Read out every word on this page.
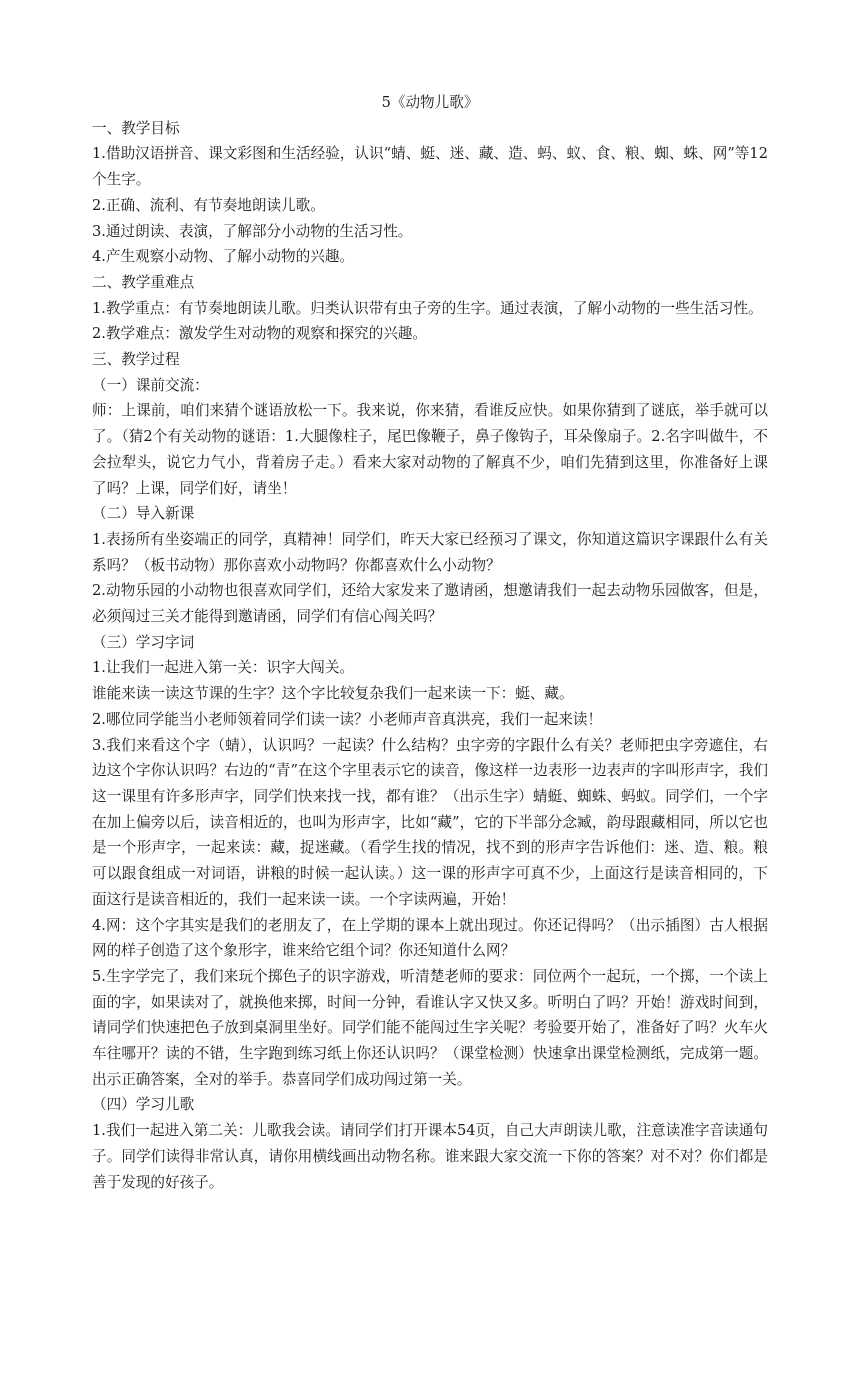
5《动物儿歌》

一、教学目标

1.借助汉语拼音、课文彩图和生活经验，认识“蜻、蜓、迷、藏、造、蚂、蚁、食、粮、蜘、蛛、网”等12个生字。

2.正确、流利、有节奏地朗读儿歌。

3.通过朗读、表演，了解部分小动物的生活习性。

4.产生观察小动物、了解小动物的兴趣。

二、教学重难点

1.教学重点：有节奏地朗读儿歌。归类认识带有虫子旁的生字。通过表演，了解小动物的一些生活习性。

2.教学难点：激发学生对动物的观察和探究的兴趣。

三、教学过程

（一）课前交流：

师：上课前，咱们来猜个谜语放松一下。我来说，你来猜，看谁反应快。如果你猜到了谜底，举手就可以了。（猜2个有关动物的谜语：1.大腿像柱子，尾巴像鞭子，鼻子像钩子，耳朵像扇子。2.名字叫做牛，不会拉犁头，说它力气小，背着房子走。）看来大家对动物的了解真不少，咱们先猜到这里，你准备好上课了吗？上课，同学们好，请坐！

（二）导入新课

1.表扬所有坐姿端正的同学，真精神！同学们，昨天大家已经预习了课文，你知道这篇识字课跟什么有关系吗？（板书动物）那你喜欢小动物吗？你都喜欢什么小动物？

2.动物乐园的小动物也很喜欢同学们，还给大家发来了邀请函，想邀请我们一起去动物乐园做客，但是，必须闯过三关才能得到邀请函，同学们有信心闯关吗？

（三）学习字词

1.让我们一起进入第一关：识字大闯关。

谁能来读一读这节课的生字？这个字比较复杂我们一起来读一下：蜓、藏。

2.哪位同学能当小老师领着同学们读一读？小老师声音真洪亮，我们一起来读！

3.我们来看这个字（蜻），认识吗？一起读？什么结构？虫字旁的字跟什么有关？老师把虫字旁遮住，右边这个字你认识吗？右边的“青”在这个字里表示它的读音，像这样一边表形一边表声的字叫形声字，我们这一课里有许多形声字，同学们快来找一找，都有谁？（出示生字）蜻蜓、蜘蛛、蚂蚁。同学们，一个字在加上偏旁以后，读音相近的，也叫为形声字，比如“藏”，它的下半部分念臧，韵母跟藏相同，所以它也是一个形声字，一起来读：藏，捉迷藏。（看学生找的情况，找不到的形声字告诉他们：迷、造、粮。粮可以跟食组成一对词语，讲粮的时候一起认读。）这一课的形声字可真不少，上面这行是读音相同的，下面这行是读音相近的，我们一起来读一读。一个字读两遍，开始！

4.网：这个字其实是我们的老朋友了，在上学期的课本上就出现过。你还记得吗？（出示插图）古人根据网的样子创造了这个象形字，谁来给它组个词？你还知道什么网？

5.生字学完了，我们来玩个掷色子的识字游戏，听清楚老师的要求：同位两个一起玩，一个掷，一个读上面的字，如果读对了，就换他来掷，时间一分钟，看谁认字又快又多。听明白了吗？开始！游戏时间到，请同学们快速把色子放到桌洞里坐好。同学们能不能闯过生字关呢？考验要开始了，准备好了吗？火车火车往哪开？读的不错，生字跑到练习纸上你还认识吗？（课堂检测）快速拿出课堂检测纸，完成第一题。出示正确答案，全对的举手。恭喜同学们成功闯过第一关。

（四）学习儿歌

1.我们一起进入第二关：儿歌我会读。请同学们打开课本54页，自己大声朗读儿歌，注意读准字音读通句子。同学们读得非常认真，请你用横线画出动物名称。谁来跟大家交流一下你的答案？对不对？你们都是善于发现的好孩子。
